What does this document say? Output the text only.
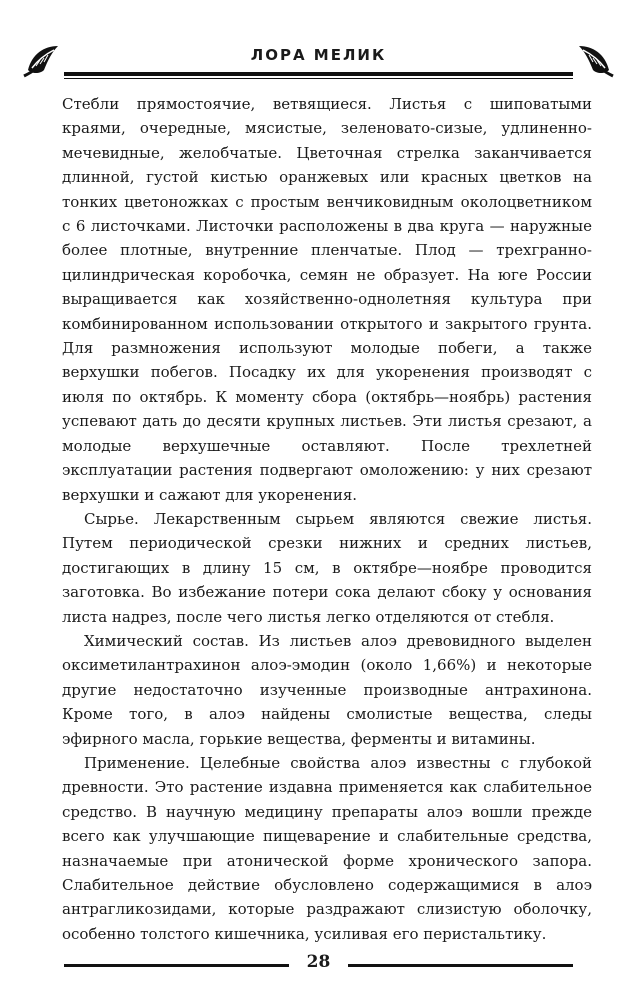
ЛОРА МЕЛИК

Стебли прямостоячие, ветвящиеся. Листья с шиповатыми краями, очередные, мясистые, зеленовато-сизые, удлиненно-мечевидные, желобчатые. Цветочная стрелка заканчивается длинной, густой кистью оранжевых или красных цветков на тонких цветоножках с простым венчиковидным околоцветником с 6 листочками. Листочки расположены в два круга — наружные более плотные, внутренние пленчатые. Плод — трехгранно-цилиндрическая коробочка, семян не образует. На юге России выращивается как хозяйственно-однолетняя культура при комбинированном использовании открытого и закрытого грунта. Для размножения используют молодые побеги, а также верхушки побегов. Посадку их для укоренения производят с июля по октябрь. К моменту сбора (октябрь—ноябрь) растения успевают дать до десяти крупных листьев. Эти листья срезают, а молодые верхушечные оставляют. После трехлетней эксплуатации растения подвергают омоложению: у них срезают верхушки и сажают для укоренения.

Сырье. Лекарственным сырьем являются свежие листья. Путем периодической срезки нижних и средних листьев, достигающих в длину 15 см, в октябре—ноябре проводится заготовка. Во избежание потери сока делают сбоку у основания листа надрез, после чего листья легко отделяются от стебля.

Химический состав. Из листьев алоэ древовидного выделен оксиметилантрахинон алоэ-эмодин (около 1,66%) и некоторые другие недостаточно изученные производные антрахинона. Кроме того, в алоэ найдены смолистые вещества, следы эфирного масла, горькие вещества, ферменты и витамины.

Применение. Целебные свойства алоэ известны с глубокой древности. Это растение издавна применяется как слабительное средство. В научную медицину препараты алоэ вошли прежде всего как улучшающие пищеварение и слабительные средства, назначаемые при атонической форме хронического запора. Слабительное действие обусловлено содержащимися в алоэ антрагликозидами, которые раздражают слизистую оболочку, особенно толстого кишечника, усиливая его перистальтику.

28
